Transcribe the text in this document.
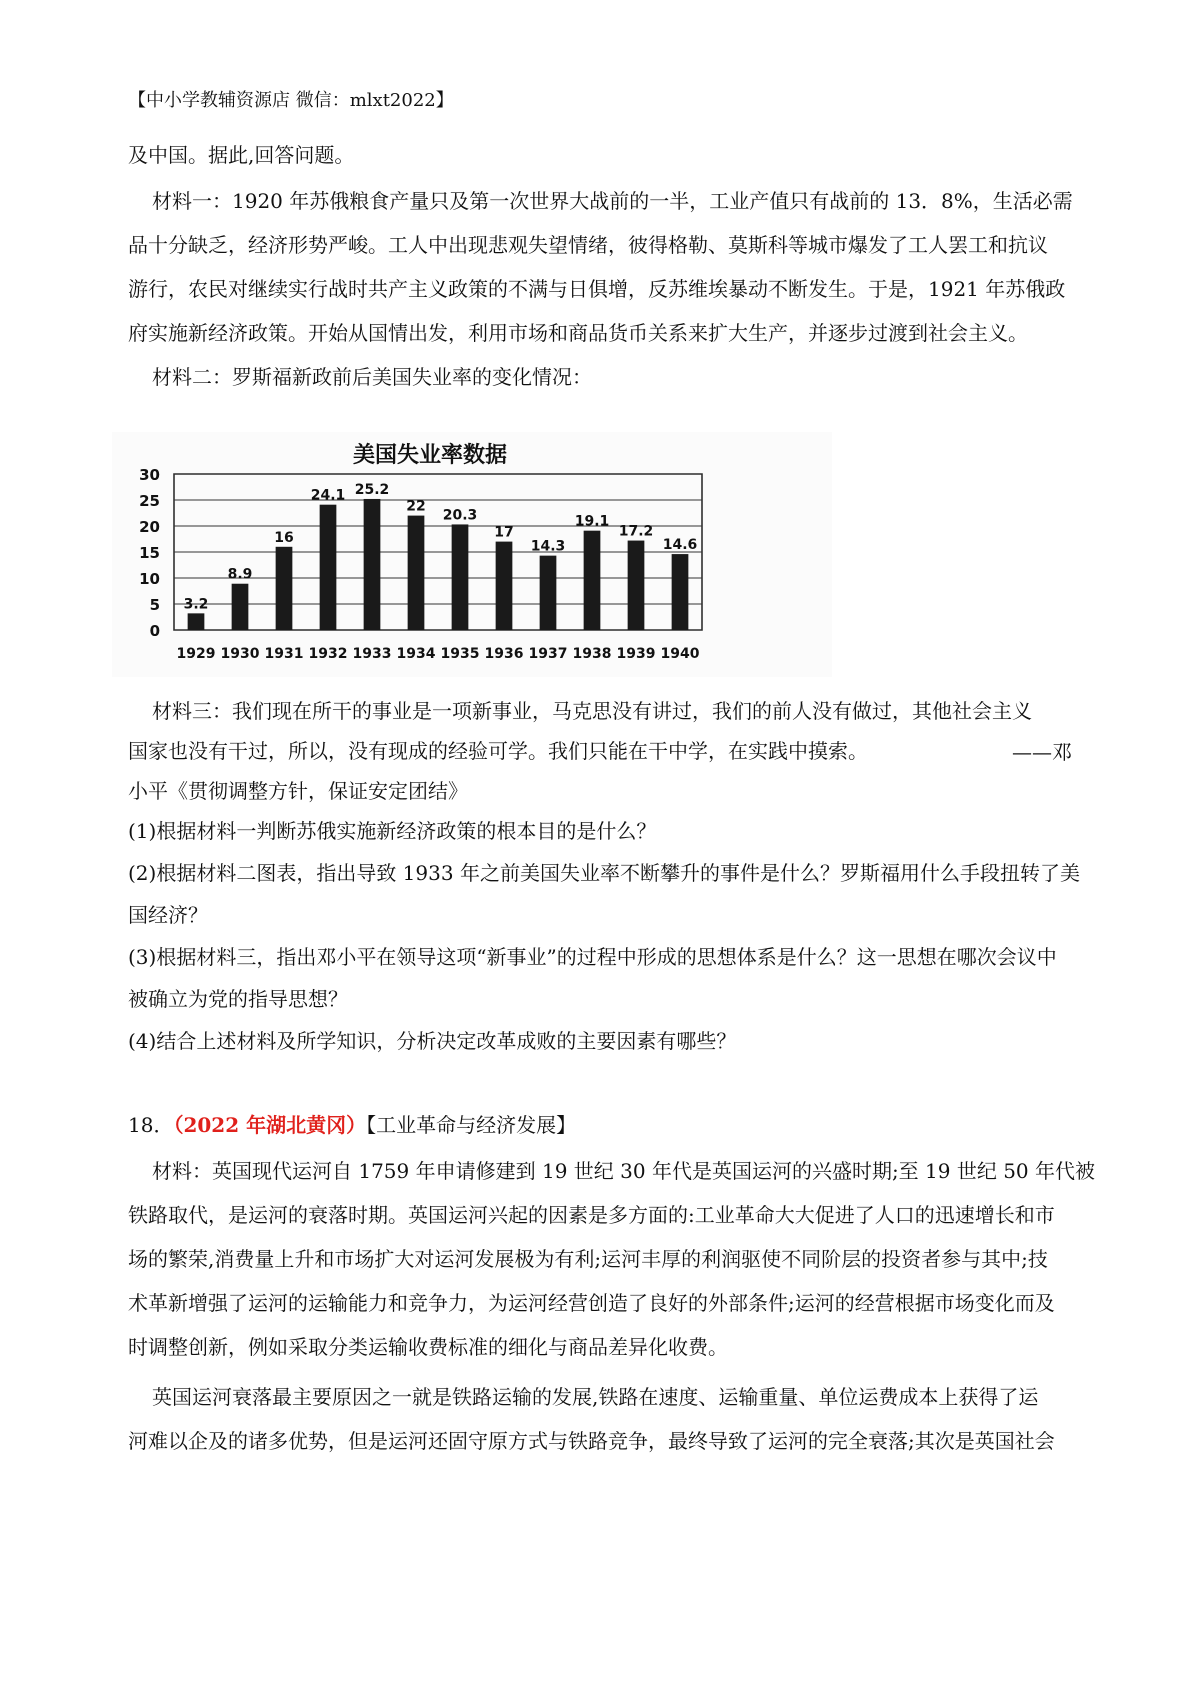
【中小学教辅资源店 微信：mlxt2022】
及中国。据此,回答问题。
材料一：1920 年苏俄粮食产量只及第一次世界大战前的一半，工业产值只有战前的 13．8%，生活必需
品十分缺乏，经济形势严峻。工人中出现悲观失望情绪，彼得格勒、莫斯科等城市爆发了工人罢工和抗议
游行，农民对继续实行战时共产主义政策的不满与日俱增，反苏维埃暴动不断发生。于是，1921 年苏俄政
府实施新经济政策。开始从国情出发，利用市场和商品货币关系来扩大生产，并逐步过渡到社会主义。
材料二：罗斯福新政前后美国失业率的变化情况：
美国失业率数据
0
5
10
15
20
25
30
1929 1930 1931 1932 1933 1934 1935 1936 1937 1938 1939 1940
3.2
8.9
16
24.1 25.2
22
20.3
17
14.3
19.1
17.2
14.6
材料三：我们现在所干的事业是一项新事业，马克思没有讲过，我们的前人没有做过，其他社会主义
国家也没有干过，所以，没有现成的经验可学。我们只能在干中学，在实践中摸索。	——邓
小平《贯彻调整方针，保证安定团结》
(1)根据材料一判断苏俄实施新经济政策的根本目的是什么？
(2)根据材料二图表，指出导致 1933 年之前美国失业率不断攀升的事件是什么？罗斯福用什么手段扭转了美
国经济？
(3)根据材料三，指出邓小平在领导这项“新事业”的过程中形成的思想体系是什么？这一思想在哪次会议中
被确立为党的指导思想？
(4)结合上述材料及所学知识，分析决定改革成败的主要因素有哪些？
18．（2022 年湖北黄冈）【工业革命与经济发展】
材料：英国现代运河自 1759 年申请修建到 19 世纪 30 年代是英国运河的兴盛时期;至 19 世纪 50 年代被
铁路取代，是运河的衰落时期。英国运河兴起的因素是多方面的:工业革命大大促进了人口的迅速增长和市
场的繁荣,消费量上升和市场扩大对运河发展极为有利;运河丰厚的利润驱使不同阶层的投资者参与其中;技
术革新增强了运河的运输能力和竞争力，为运河经营创造了良好的外部条件;运河的经营根据市场变化而及
时调整创新，例如采取分类运输收费标准的细化与商品差异化收费。
英国运河衰落最主要原因之一就是铁路运输的发展,铁路在速度、运输重量、单位运费成本上获得了运
河难以企及的诸多优势，但是运河还固守原方式与铁路竞争，最终导致了运河的完全衰落;其次是英国社会
